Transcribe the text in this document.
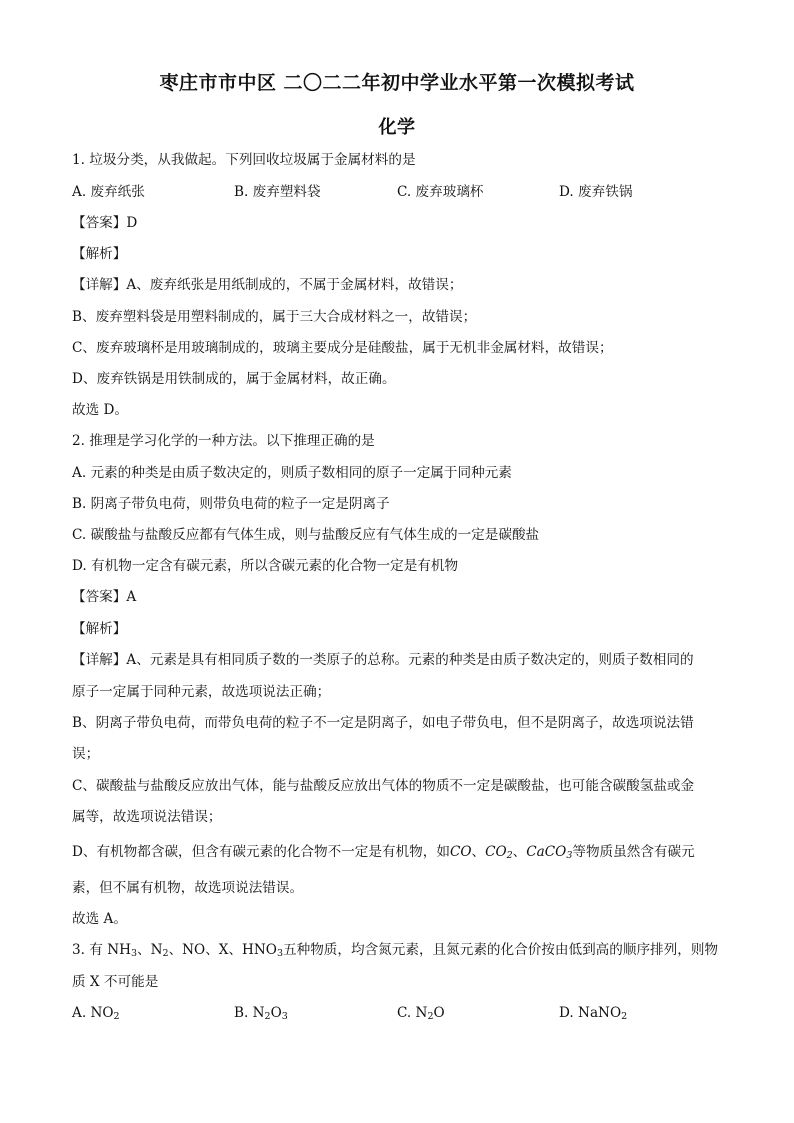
枣庄市市中区 二〇二二年初中学业水平第一次模拟考试
化学
1. 垃圾分类，从我做起。下列回收垃圾属于金属材料的是
A. 废弃纸张	B. 废弃塑料袋	C. 废弃玻璃杯	D. 废弃铁锅
【答案】D
【解析】
【详解】A、废弃纸张是用纸制成的，不属于金属材料，故错误；
B、废弃塑料袋是用塑料制成的，属于三大合成材料之一，故错误；
C、废弃玻璃杯是用玻璃制成的，玻璃主要成分是硅酸盐，属于无机非金属材料，故错误；
D、废弃铁锅是用铁制成的，属于金属材料，故正确。
故选 D。
2. 推理是学习化学的一种方法。以下推理正确的是
A. 元素的种类是由质子数决定的，则质子数相同的原子一定属于同种元素
B. 阴离子带负电荷，则带负电荷的粒子一定是阴离子
C. 碳酸盐与盐酸反应都有气体生成，则与盐酸反应有气体生成的一定是碳酸盐
D. 有机物一定含有碳元素，所以含碳元素的化合物一定是有机物
【答案】A
【解析】
【详解】A、元素是具有相同质子数的一类原子的总称。元素的种类是由质子数决定的，则质子数相同的
原子一定属于同种元素，故选项说法正确；
B、阴离子带负电荷，而带负电荷的粒子不一定是阴离子，如电子带负电，但不是阴离子，故选项说法错
误；
C、碳酸盐与盐酸反应放出气体，能与盐酸反应放出气体的物质不一定是碳酸盐，也可能含碳酸氢盐或金
属等，故选项说法错误；
D、有机物都含碳，但含有碳元素的化合物不一定是有机物，如CO、$CO_2$、CaCO$_3$等物质虽然含有碳元
素，但不属有机物，故选项说法错误。
故选 A。
3. 有 $NH_3$、$N_2$、NO、X、$HNO_3$五种物质，均含氮元素，且氮元素的化合价按由低到高的顺序排列，则物
质 X 不可能是
A. $NO_2$	B. $N_2O_3$	C. $N_2O$	D. NaNO$_2$
